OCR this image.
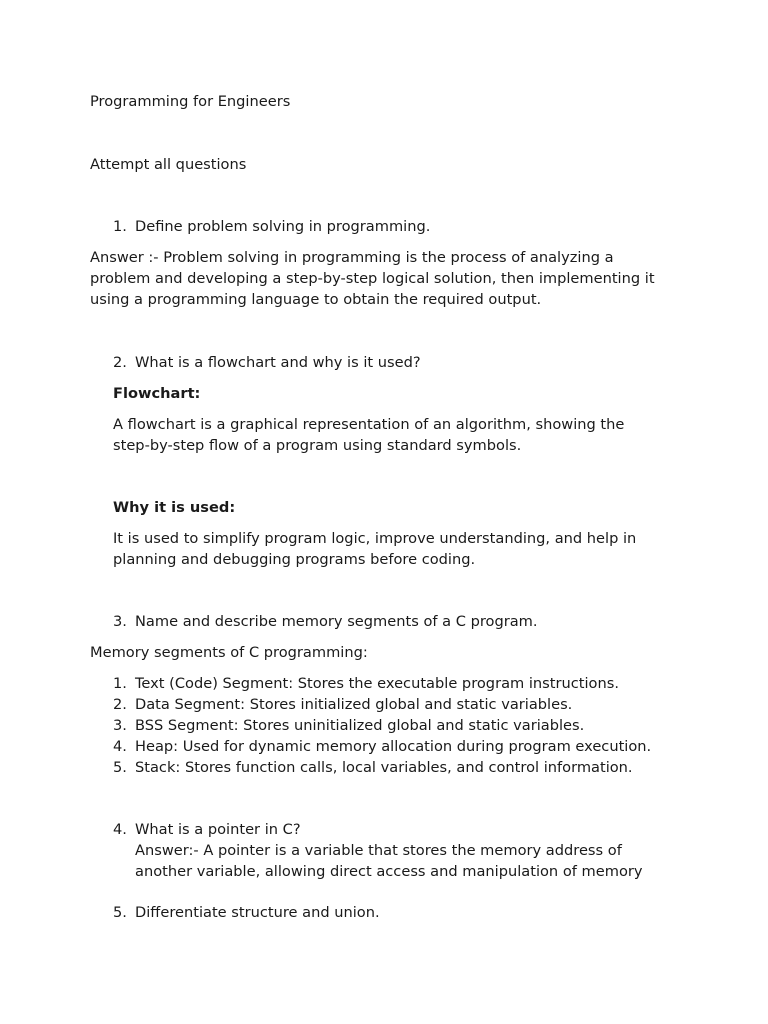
Programming for Engineers
Attempt all questions
1. Define problem solving in programming.
Answer :- Problem solving in programming is the process of analyzing a
problem and developing a step-by-step logical solution, then implementing it
using a programming language to obtain the required output.
2. What is a flowchart and why is it used?
Flowchart:
A flowchart is a graphical representation of an algorithm, showing the
step-by-step flow of a program using standard symbols.
Why it is used:
It is used to simplify program logic, improve understanding, and help in
planning and debugging programs before coding.
3. Name and describe memory segments of a C program.
Memory segments of C programming:
1. Text (Code) Segment: Stores the executable program instructions.
2. Data Segment: Stores initialized global and static variables.
3. BSS Segment: Stores uninitialized global and static variables.
4. Heap: Used for dynamic memory allocation during program execution.
5. Stack: Stores function calls, local variables, and control information.
4. What is a pointer in C?
Answer:- A pointer is a variable that stores the memory address of
another variable, allowing direct access and manipulation of memory
5. Differentiate structure and union.
